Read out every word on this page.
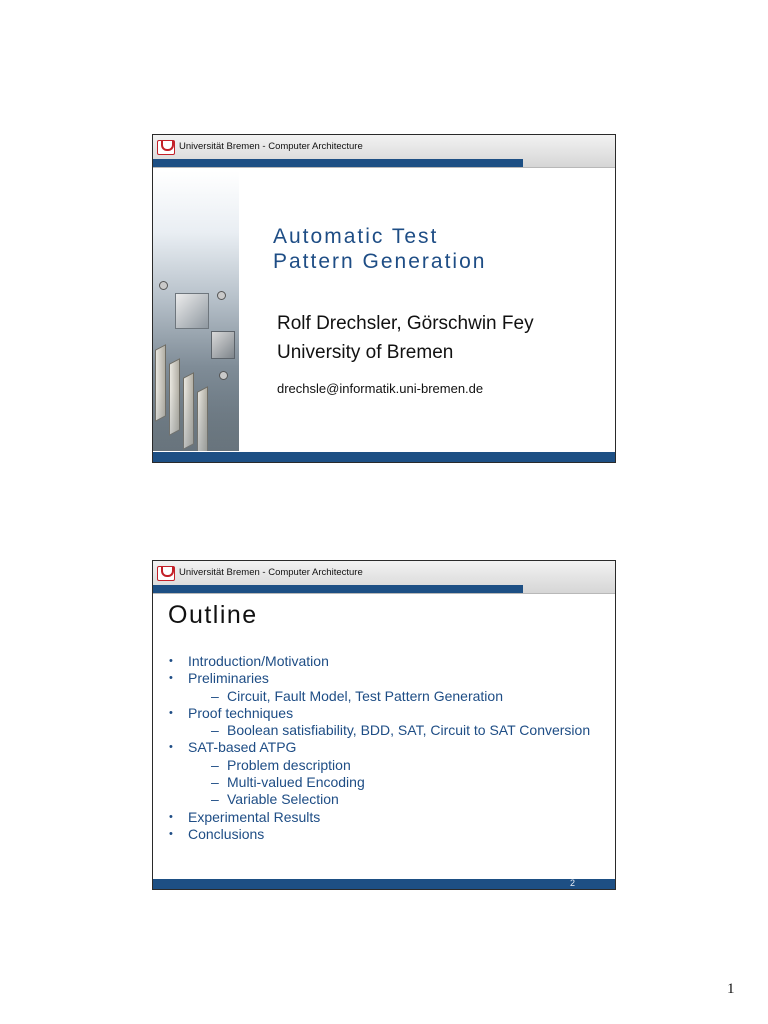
Universität Bremen - Computer Architecture
Automatic Test
Pattern Generation
Rolf Drechsler, Görschwin Fey
University of Bremen
drechsle@informatik.uni-bremen.de
Universität Bremen - Computer Architecture
Outline
• Introduction/Motivation
• Preliminaries
– Circuit, Fault Model, Test Pattern Generation
• Proof techniques
– Boolean satisfiability, BDD, SAT, Circuit to SAT Conversion
• SAT-based ATPG
– Problem description
– Multi-valued Encoding
– Variable Selection
• Experimental Results
• Conclusions
2
1
